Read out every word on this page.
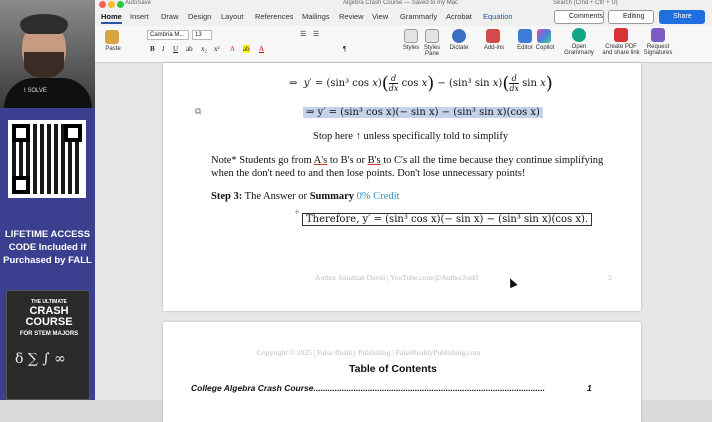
I SOLVE
LIFETIME ACCESS CODE Included if Purchased by FALL
THE ULTIMATE
CRASH COURSE
FOR STEM MAJORS
δ ∑ ∫ ∞
AutoSave	Algebra Crash Course — Saved to my Mac	Search (Cmd + Ctrl + U)
Home Insert Draw Design Layout References Mailings Review View Grammarly Acrobat Equation	Comments	Editing	Share
Paste
Cambria M...	13
B I U ab x₂ x² A ab A
☰ ☰
¶	Styles Styles Pane
Dictate	Add-ins	Editor Copilot	Open Grammarly
Create PDF and share link
Request Signatures
⇒ y′ = (sin³ $\cos x)( \frac{d}{dx}$ cos x) − (sin³ $\sin x)( \frac{d}{dx}$ sin x)
⧉	⇒ y′ = (sin³ cos x)(− sin x) − (sin³ sin x)(cos x)
Stop here ↑ unless specifically told to simplify
Note* Students go from A's to B's or B's to C's all the time because they continue simplifying
when the don't need to and then lose points. Don't lose unnecessary points!
Step 3: The Answer or Summary 0% Credit
+
Therefore, y′ = (sin³ cos x)(− sin x) − (sin³ sin x)(cos x).
Author Jonathan David | YouTube.com/@AuthorJonD	3
Copyright © 2025 | False Reality Publishing | FalseRealityPublishing.com
Table of Contents
College Algebra Crash Course..................................................................................................	1
